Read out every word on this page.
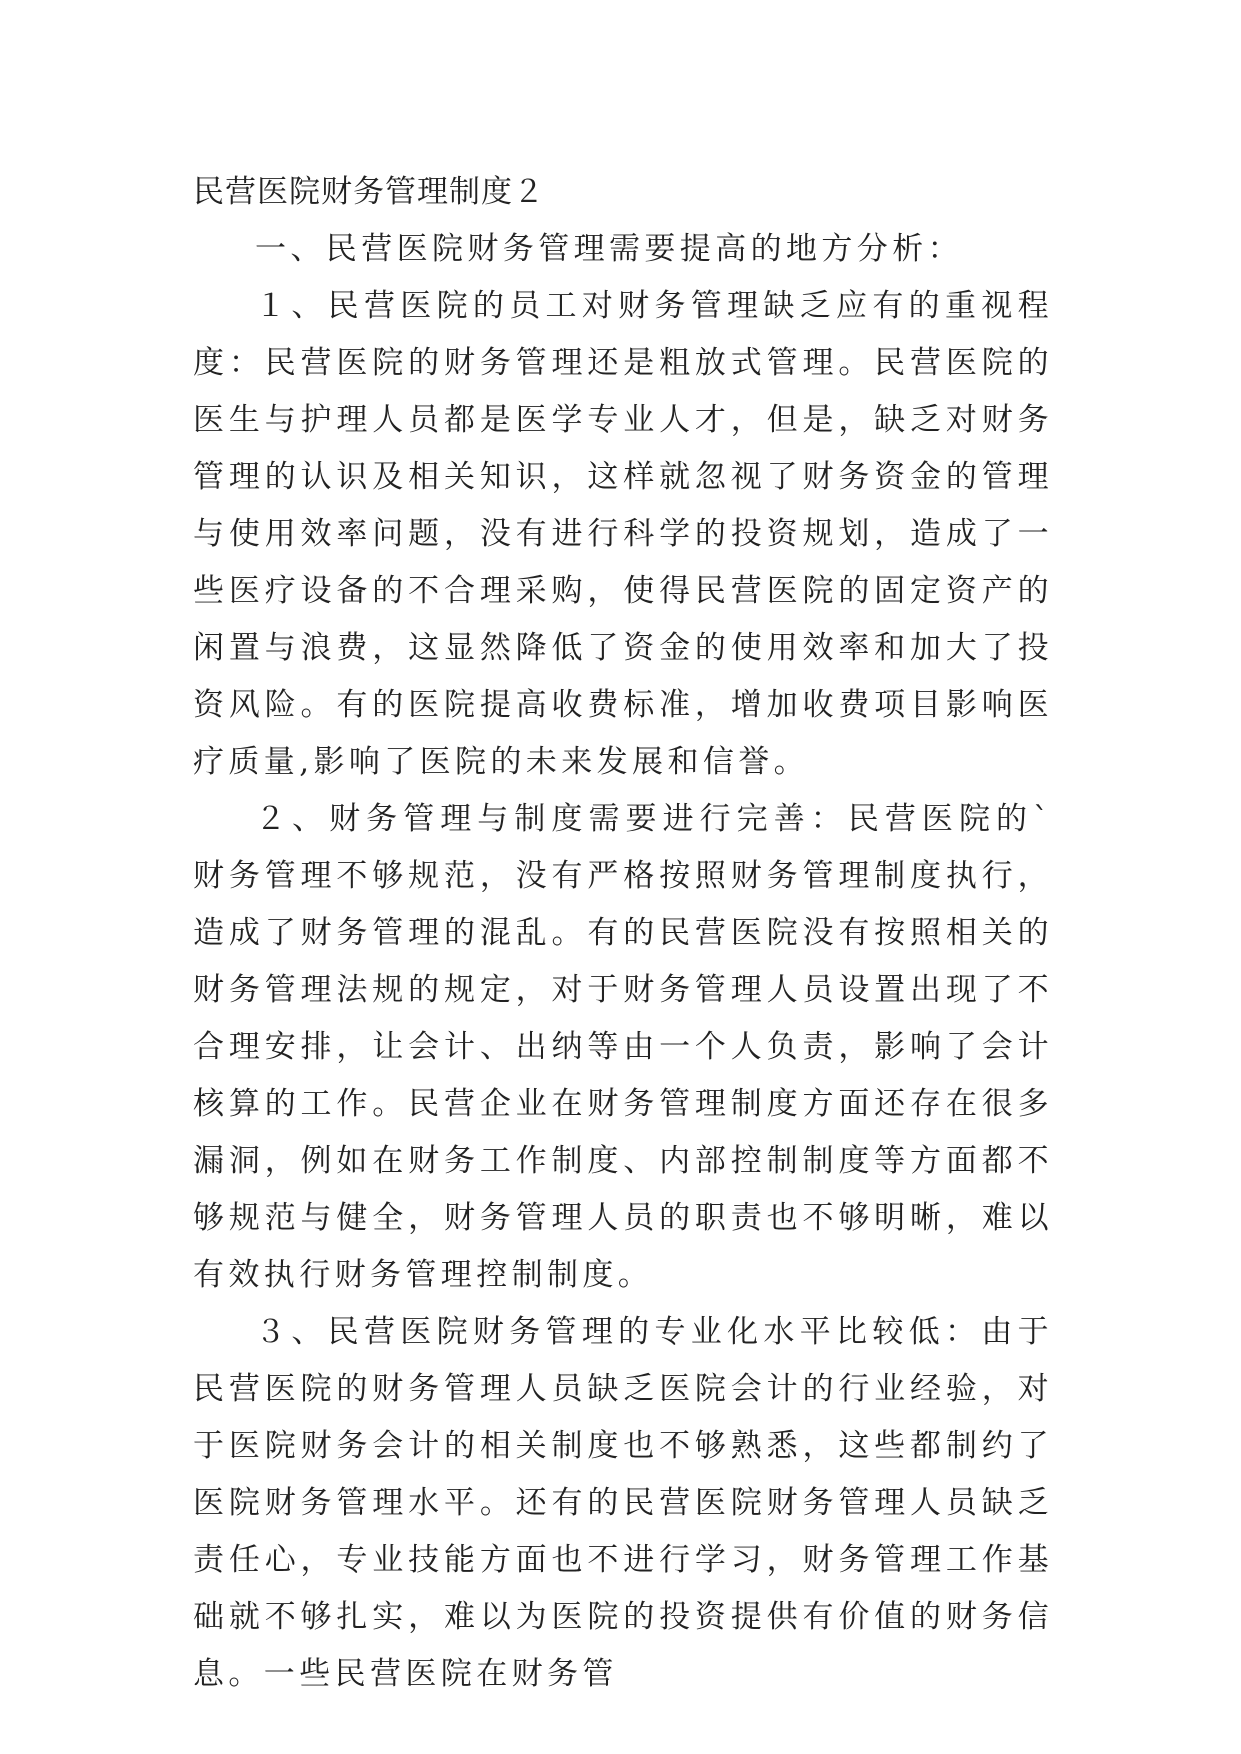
民营医院财务管理制度２

一、民营医院财务管理需要提高的地方分析：

１、民营医院的员工对财务管理缺乏应有的重视程度：民营医院的财务管理还是粗放式管理。民营医院的医生与护理人员都是医学专业人才，但是，缺乏对财务管理的认识及相关知识，这样就忽视了财务资金的管理与使用效率问题，没有进行科学的投资规划，造成了一些医疗设备的不合理采购，使得民营医院的固定资产的闲置与浪费，这显然降低了资金的使用效率和加大了投资风险。有的医院提高收费标准，增加收费项目影响医疗质量,影响了医院的未来发展和信誉。

２、财务管理与制度需要进行完善：民营医院的`财务管理不够规范，没有严格按照财务管理制度执行，造成了财务管理的混乱。有的民营医院没有按照相关的财务管理法规的规定，对于财务管理人员设置出现了不合理安排，让会计、出纳等由一个人负责，影响了会计核算的工作。民营企业在财务管理制度方面还存在很多漏洞，例如在财务工作制度、内部控制制度等方面都不够规范与健全，财务管理人员的职责也不够明晰，难以有效执行财务管理控制制度。

３、民营医院财务管理的专业化水平比较低：由于民营医院的财务管理人员缺乏医院会计的行业经验，对于医院财务会计的相关制度也不够熟悉，这些都制约了医院财务管理水平。还有的民营医院财务管理人员缺乏责任心，专业技能方面也不进行学习，财务管理工作基础就不够扎实，难以为医院的投资提供有价值的财务信息。一些民营医院在财务管
